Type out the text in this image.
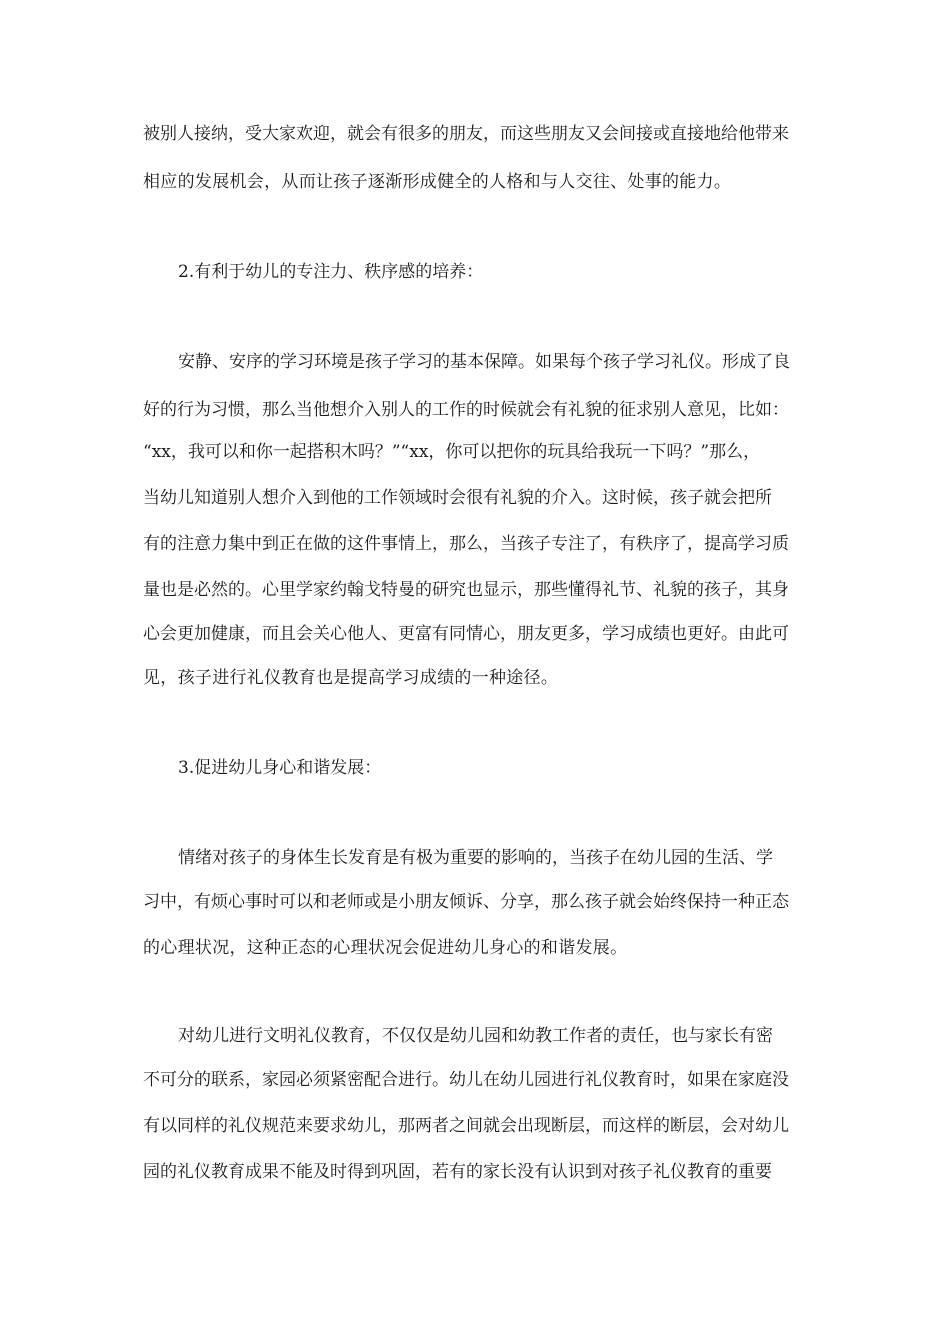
被别人接纳，受大家欢迎，就会有很多的朋友，而这些朋友又会间接或直接地给他带来
相应的发展机会，从而让孩子逐渐形成健全的人格和与人交往、处事的能力。
2.有利于幼儿的专注力、秩序感的培养：
安静、安序的学习环境是孩子学习的基本保障。如果每个孩子学习礼仪。形成了良
好的行为习惯，那么当他想介入别人的工作的时候就会有礼貌的征求别人意见，比如：
“xx，我可以和你一起搭积木吗？”“xx，你可以把你的玩具给我玩一下吗？”那么，
当幼儿知道别人想介入到他的工作领域时会很有礼貌的介入。这时候，孩子就会把所
有的注意力集中到正在做的这件事情上，那么，当孩子专注了，有秩序了，提高学习质
量也是必然的。心里学家约翰戈特曼的研究也显示，那些懂得礼节、礼貌的孩子，其身
心会更加健康，而且会关心他人、更富有同情心，朋友更多，学习成绩也更好。由此可
见，孩子进行礼仪教育也是提高学习成绩的一种途径。
3.促进幼儿身心和谐发展：
情绪对孩子的身体生长发育是有极为重要的影响的，当孩子在幼儿园的生活、学
习中，有烦心事时可以和老师或是小朋友倾诉、分享，那么孩子就会始终保持一种正态
的心理状况，这种正态的心理状况会促进幼儿身心的和谐发展。
对幼儿进行文明礼仪教育，不仅仅是幼儿园和幼教工作者的责任，也与家长有密
不可分的联系，家园必须紧密配合进行。幼儿在幼儿园进行礼仪教育时，如果在家庭没
有以同样的礼仪规范来要求幼儿，那两者之间就会出现断层，而这样的断层，会对幼儿
园的礼仪教育成果不能及时得到巩固，若有的家长没有认识到对孩子礼仪教育的重要
